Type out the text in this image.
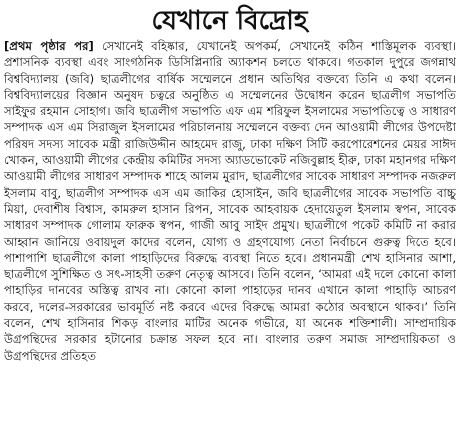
যেখানে বিদ্রোহ

[প্রথম পৃষ্ঠার পর] সেখানেই বহিষ্কার, যেখানেই অপকর্ম, সেখানেই কঠিন শাস্তিমূলক ব্যবস্থা। প্রশাসনিক ব্যবস্থা এবং সাংগঠনিক ডিসিপ্লিনারি অ্যাকশন চলতে থাকবে। গতকাল দুপুরে জগন্নাথ বিশ্ববিদ্যালয় (জবি) ছাত্রলীগের বার্ষিক সম্মেলনে প্রধান অতিথির বক্তব্যে তিনি এ কথা বলেন। বিশ্ববিদ্যালয়ের বিজ্ঞান অনুষদ চত্বরে অনুষ্ঠিত এ সম্মেলনের উদ্বোধন করেন ছাত্রলীগ সভাপতি সাইফুর রহমান সোহাগ। জবি ছাত্রলীগ সভাপতি এফ এম শরিফুল ইসলামের সভাপতিত্বে ও সাধারণ সম্পাদক এস এম সিরাজুল ইসলামের পরিচালনায় সম্মেলনে বক্তব্য দেন আওয়ামী লীগের উপদেষ্টা পরিষদ সদস্য সাবেক মন্ত্রী রাজিউদ্দীন আহমেদ রাজু, ঢাকা দক্ষিণ সিটি করপোরেশনের মেয়র সাঈদ খোকন, আওয়ামী লীগের কেন্দ্রীয় কমিটির সদস্য অ্যাডভোকেট নজিবুল্লাহ হীরু, ঢাকা মহানগর দক্ষিণ আওয়ামী লীগের সাধারণ সম্পাদক শাহে আলম মুরাদ, ছাত্রলীগের সাবেক সাধারণ সম্পাদক নজরুল ইসলাম বাবু, ছাত্রলীগ সম্পাদক এস এম জাকির হোসাইন, জবি ছাত্রলীগের সাবেক সভাপতি বাচ্চু মিয়া, দেবাশীষ বিশ্বাস, কামরুল হাসান রিপন, সাবেক আহবায়ক হেদায়েতুল ইসলাম স্বপন, সাবেক সাধারণ সম্পাদক গোলাম ফারুক স্বপন, গাজী আবু সাইদ প্রমুখ। ছাত্রলীগে পকেট কমিটি না করার আহ্বান জানিয়ে ওবায়দুল কাদের বলেন, যোগ্য ও গ্রহণযোগ্য নেতা নির্বাচনে গুরুত্ব দিতে হবে। পাশাপাশি ছাত্রলীগে কালা পাহাড়িদের বিরুদ্ধে ব্যবস্থা নিতে হবে। প্রধানমন্ত্রী শেখ হাসিনার আশা, ছাত্রলীগে সুশিক্ষিত ও সৎ-সাহসী তরুণ নেতৃত্ব আসবে। তিনি বলেন, ‘আমরা এই দলে কোনো কালা পাহাড়ির দানবের অস্তিত্ব রাখব না। কোনো কালা পাহাড়ের দানব এখানে কালা পাহাড়ি আচরণ করবে, দলের-সরকারের ভাবমূর্তি নষ্ট করবে এদের বিরুদ্ধে আমরা কঠোর অবস্থানে থাকব।’ তিনি বলেন, শেখ হাসিনার শিকড় বাংলার মাটির অনেক গভীরে, যা অনেক শক্তিশালী। সাম্প্রদায়িক উগ্রপন্থিদের সরকার হটানোর চক্রান্ত সফল হবে না। বাংলার তরুণ সমাজ সাম্প্রদায়িকতা ও উগ্রপন্থিদের প্রতিহত
